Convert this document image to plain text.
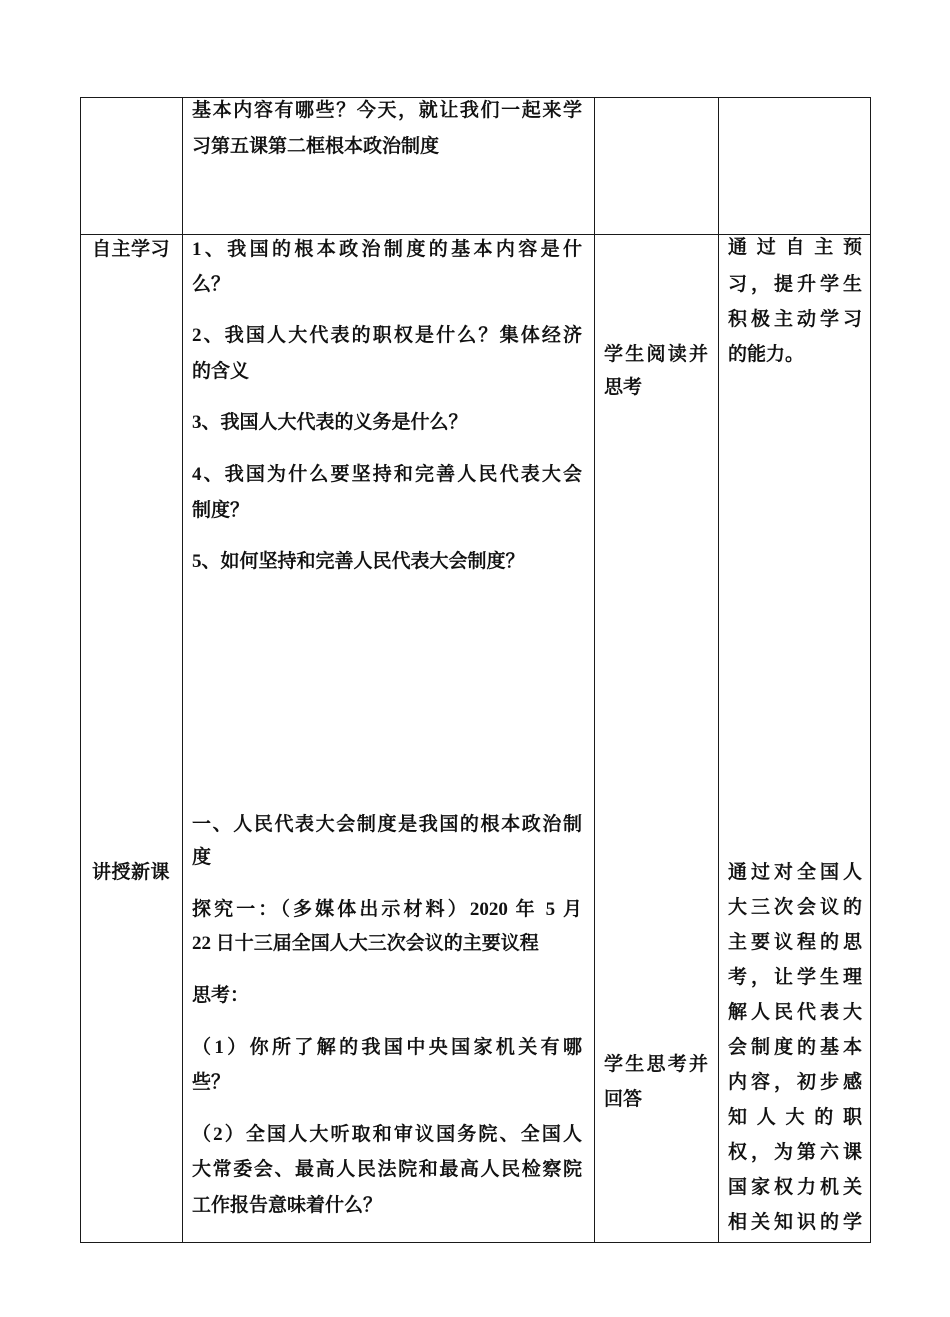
基本内容有哪些？今天，就让我们一起来学
习第五课第二框根本政治制度
自主学习 1、我国的根本政治制度的基本内容是什
么？
2、我国人大代表的职权是什么？集体经济
的含义
3、我国人大代表的义务是什么？
4、我国为什么要坚持和完善人民代表大会
制度？
5、如何坚持和完善人民代表大会制度？
学生阅读并
思考
通过自主预
习，提升学生
积极主动学习
的能力。
讲授新课
一、人民代表大会制度是我国的根本政治制
度
探究一：（多媒体出示材料）2020 年 5 月
22 日十三届全国人大三次会议的主要议程
思考：
（1）你所了解的我国中央国家机关有哪
些？
（2）全国人大听取和审议国务院、全国人
大常委会、最高人民法院和最高人民检察院
工作报告意味着什么？
学生思考并
回答
通过对全国人
大三次会议的
主要议程的思
考，让学生理
解人民代表大
会制度的基本
内容，初步感
知人大的职
权，为第六课
国家权力机关
相关知识的学
